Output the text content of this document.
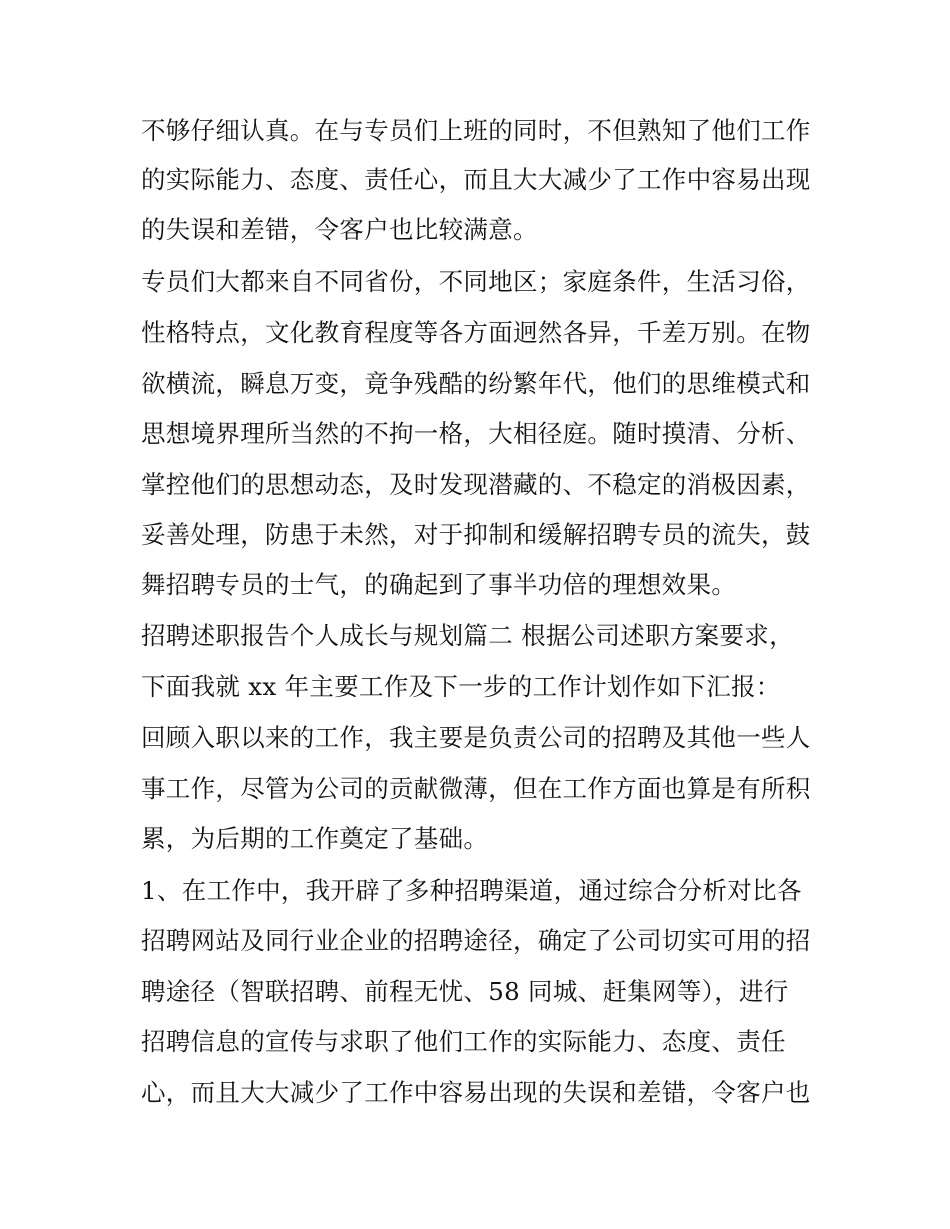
不够仔细认真。在与专员们上班的同时，不但熟知了他们工作
的实际能力、态度、责任心，而且大大减少了工作中容易出现
的失误和差错，令客户也比较满意。
专员们大都来自不同省份，不同地区；家庭条件，生活习俗，
性格特点，文化教育程度等各方面迥然各异，千差万别。在物
欲横流，瞬息万变，竟争残酷的纷繁年代，他们的思维模式和
思想境界理所当然的不拘一格，大相径庭。随时摸清、分析、
掌控他们的思想动态，及时发现潜藏的、不稳定的消极因素，
妥善处理，防患于未然，对于抑制和缓解招聘专员的流失，鼓
舞招聘专员的士气，的确起到了事半功倍的理想效果。
招聘述职报告个人成长与规划篇二 根据公司述职方案要求，
下面我就 xx 年主要工作及下一步的工作计划作如下汇报：
回顾入职以来的工作，我主要是负责公司的招聘及其他一些人
事工作，尽管为公司的贡献微薄，但在工作方面也算是有所积
累，为后期的工作奠定了基础。
1、在工作中，我开辟了多种招聘渠道，通过综合分析对比各
招聘网站及同行业企业的招聘途径，确定了公司切实可用的招
聘途径（智联招聘、前程无忧、58 同城、赶集网等），进行
招聘信息的宣传与求职了他们工作的实际能力、态度、责任
心，而且大大减少了工作中容易出现的失误和差错，令客户也
